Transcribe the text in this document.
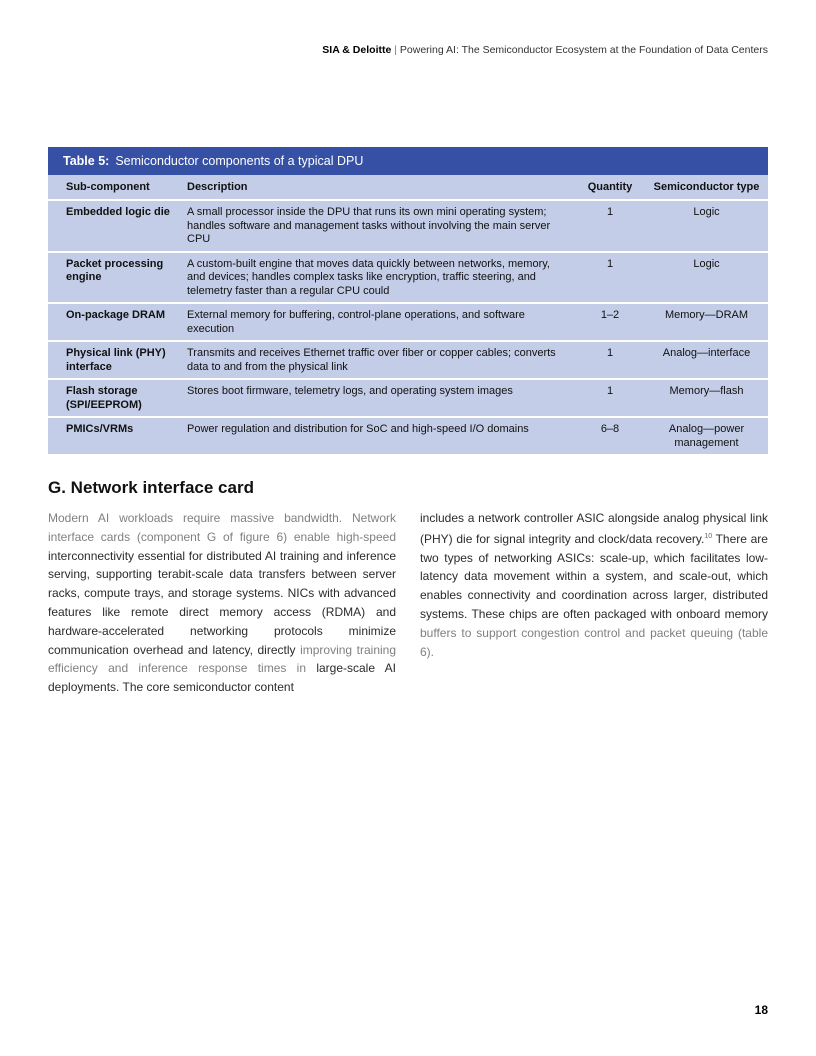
SIA & Deloitte | Powering AI: The Semiconductor Ecosystem at the Foundation of Data Centers
Table 5: Semiconductor components of a typical DPU
Sub-component	Description	Quantity	Semiconductor type
Embedded logic die	A small processor inside the DPU that runs its own mini operating system; handles software and management tasks without involving the main server CPU	1	Logic
Packet processing engine	A custom-built engine that moves data quickly between networks, memory, and devices; handles complex tasks like encryption, traffic steering, and telemetry faster than a regular CPU could	1	Logic
On-package DRAM	External memory for buffering, control-plane operations, and software execution	1–2	Memory—DRAM
Physical link (PHY) interface	Transmits and receives Ethernet traffic over fiber or copper cables; converts data to and from the physical link	1	Analog—interface
Flash storage (SPI/EEPROM)	Stores boot firmware, telemetry logs, and operating system images	1	Memory—flash
PMICs/VRMs	Power regulation and distribution for SoC and high-speed I/O domains	6–8	Analog—power management
G. Network interface card
Modern AI workloads require massive bandwidth. Network interface cards (component G of figure 6) enable high-speed interconnectivity essential for distributed AI training and inference serving, supporting terabit-scale data transfers between server racks, compute trays, and storage systems. NICs with advanced features like remote direct memory access (RDMA) and hardware-accelerated networking protocols minimize communication overhead and latency, directly improving training efficiency and inference response times in large-scale AI deployments. The core semiconductor content
includes a network controller ASIC alongside analog physical link (PHY) die for signal integrity and clock/data recovery.$^{10}$ There are two types of networking ASICs: scale-up, which facilitates low-latency data movement within a system, and scale-out, which enables connectivity and coordination across larger, distributed systems. These chips are often packaged with onboard memory buffers to support congestion control and packet queuing (table 6).
18
